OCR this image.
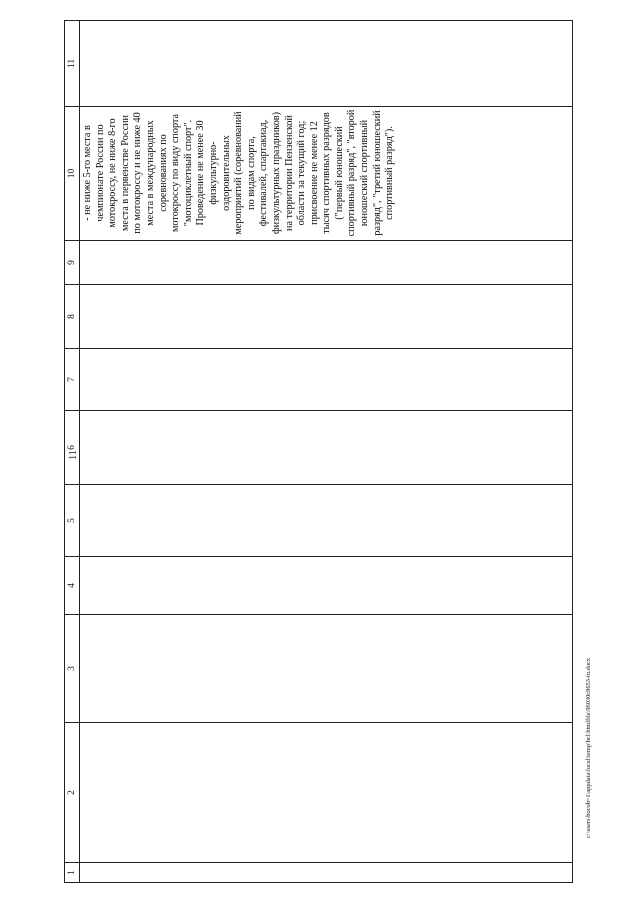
11
1	2	3	4	5	6	7	8	9	10	11

									- не ниже 5-го места в чемпионате России по мотокроссу, не ниже 8-го места в первенстве России по мотокроссу и не ниже 40 места в международных соревнованиях по мотокроссу по виду спорта "мотоциклетный спорт". Проведение не менее 30 физкультурно-оздоровительных мероприятий (соревнований по видам спорта, фестивалей, спартакиад, физкультурных праздников) на территории Пензенской области за текущий год; присвоение не менее 12 тысяч спортивных разрядов ("первый юношеский спортивный разряд", "второй юношеский спортивный разряд", "третий юношеский спортивный разряд").	

c:\users\bocob~1\appdata\local\temp\bcl\htmlfile\96030c8653-tn.docx
